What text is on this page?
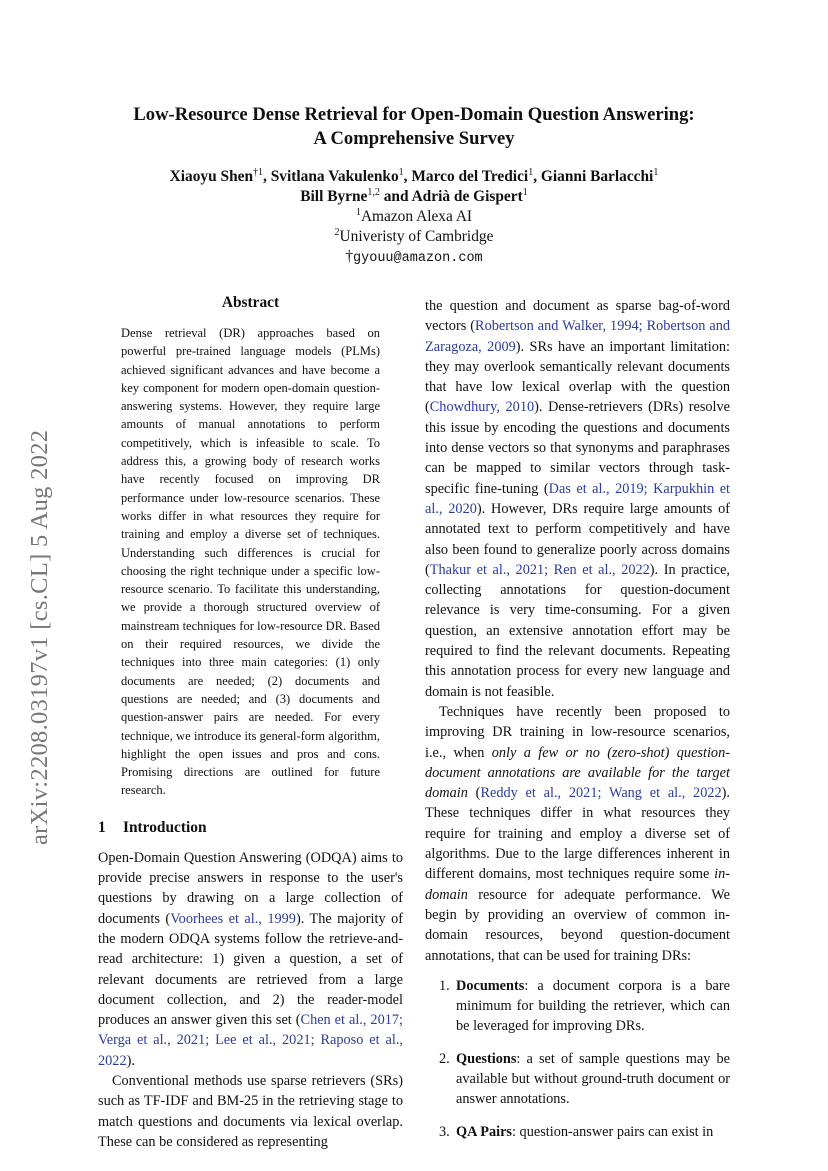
arXiv:2208.03197v1 [cs.CL] 5 Aug 2022
Low-Resource Dense Retrieval for Open-Domain Question Answering:
A Comprehensive Survey
Xiaoyu Shen$^{\dagger 1}$, Svitlana Vakulenko$^1$, Marco del Tredici$^1$, Gianni Barlacchi$^1$
Bill Byrne$^{1,2}$ and Adrià de Gispert$^1$
$^1$Amazon Alexa AI
$^2$Univeristy of Cambridge
†gyouu@amazon.com
Abstract

Dense retrieval (DR) approaches based on powerful pre-trained language models (PLMs) achieved significant advances and have become a key component for modern open-domain question-answering systems. However, they require large amounts of manual annotations to perform competitively, which is infeasible to scale. To address this, a growing body of research works have recently focused on improving DR performance under low-resource scenarios. These works differ in what resources they require for training and employ a diverse set of techniques. Understanding such differences is crucial for choosing the right technique under a specific low-resource scenario. To facilitate this understanding, we provide a thorough structured overview of mainstream techniques for low-resource DR. Based on their required resources, we divide the techniques into three main categories: (1) only documents are needed; (2) documents and questions are needed; and (3) documents and question-answer pairs are needed. For every technique, we introduce its general-form algorithm, highlight the open issues and pros and cons. Promising directions are outlined for future research.

1 Introduction

Open-Domain Question Answering (ODQA) aims to provide precise answers in response to the user's questions by drawing on a large collection of documents (Voorhees et al., 1999). The majority of the modern ODQA systems follow the retrieve-and-read architecture: 1) given a question, a set of relevant documents are retrieved from a large document collection, and 2) the reader-model produces an answer given this set (Chen et al., 2017; Verga et al., 2021; Lee et al., 2021; Raposo et al., 2022).

Conventional methods use sparse retrievers (SRs) such as TF-IDF and BM-25 in the retrieving stage to match questions and documents via lexical overlap. These can be considered as representing

the question and document as sparse bag-of-word vectors (Robertson and Walker, 1994; Robertson and Zaragoza, 2009). SRs have an important limitation: they may overlook semantically relevant documents that have low lexical overlap with the question (Chowdhury, 2010). Dense-retrievers (DRs) resolve this issue by encoding the questions and documents into dense vectors so that synonyms and paraphrases can be mapped to similar vectors through task-specific fine-tuning (Das et al., 2019; Karpukhin et al., 2020). However, DRs require large amounts of annotated text to perform competitively and have also been found to generalize poorly across domains (Thakur et al., 2021; Ren et al., 2022). In practice, collecting annotations for question-document relevance is very time-consuming. For a given question, an extensive annotation effort may be required to find the relevant documents. Repeating this annotation process for every new language and domain is not feasible.

Techniques have recently been proposed to improving DR training in low-resource scenarios, i.e., when only a few or no (zero-shot) question-document annotations are available for the target domain (Reddy et al., 2021; Wang et al., 2022). These techniques differ in what resources they require for training and employ a diverse set of algorithms. Due to the large differences inherent in different domains, most techniques require some in-domain resource for adequate performance. We begin by providing an overview of common in-domain resources, beyond question-document annotations, that can be used for training DRs:

1. Documents: a document corpora is a bare minimum for building the retriever, which can be leveraged for improving DRs.
2. Questions: a set of sample questions may be available but without ground-truth document or answer annotations.
3. QA Pairs: question-answer pairs can exist in
